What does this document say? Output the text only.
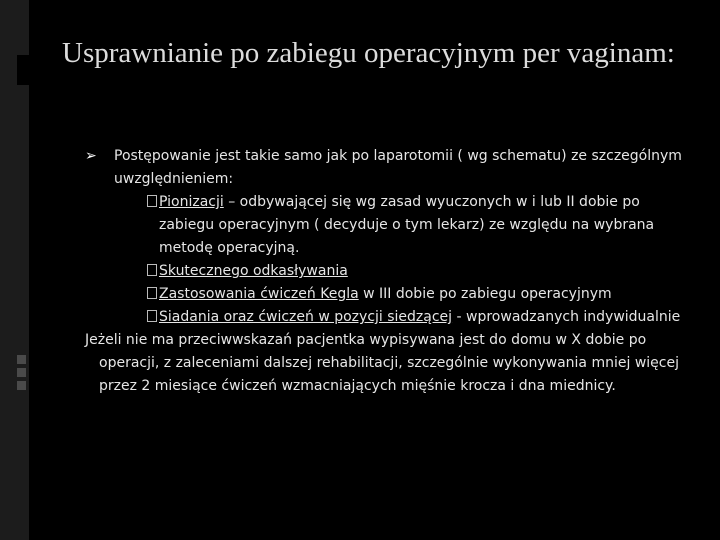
Usprawnianie po zabiegu operacyjnym per vaginam:
➢ Postępowanie jest takie samo jak po laparotomii ( wg schematu) ze szczególnym uwzględnieniem:
Pionizacji – odbywającej się wg zasad wyuczonych w i lub II dobie po zabiegu operacyjnym ( decyduje o tym lekarz) ze względu na wybrana metodę operacyjną.
Skutecznego odkasływania
Zastosowania ćwiczeń Kegla w III dobie po zabiegu operacyjnym
Siadania oraz ćwiczeń w pozycji siedzącej - wprowadzanych indywidualnie

Jeżeli nie ma przeciwwskazań pacjentka wypisywana jest do domu w X dobie po operacji, z zaleceniami dalszej rehabilitacji, szczególnie wykonywania mniej więcej przez 2 miesiące ćwiczeń wzmacniających mięśnie krocza i dna miednicy.
